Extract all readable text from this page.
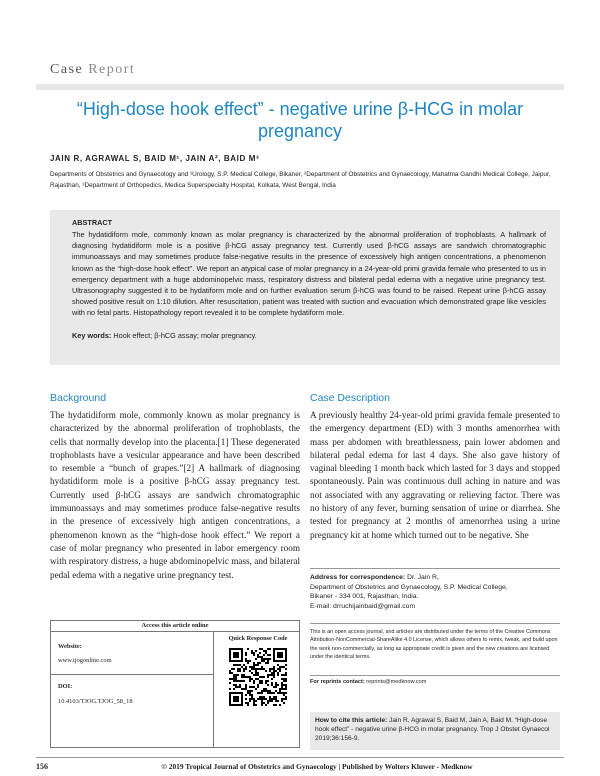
Case Report
“High-dose hook effect” - negative urine β-HCG in molar pregnancy
JAIN R, AGRAWAL S, BAID M¹, JAIN A², BAID M³
Departments of Obstetrics and Gynaecology and ¹Urology, S.P. Medical College, Bikaner, ²Department of Obstetrics and Gynaecology, Mahatma Gandhi Medical College, Jaipur, Rajasthan, ³Department of Orthopedics, Medica Superspecialty Hospital, Kolkata, West Bengal, India
ABSTRACT
The hydatidiform mole, commonly known as molar pregnancy is characterized by the abnormal proliferation of trophoblasts. A hallmark of diagnosing hydatidiform mole is a positive β-hCG assay pregnancy test. Currently used β-hCG assays are sandwich chromatographic immunoassays and may sometimes produce false-negative results in the presence of excessively high antigen concentrations, a phenomenon known as the “high-dose hook effect”. We report an atypical case of molar pregnancy in a 24-year-old primi gravida female who presented to us in emergency department with a huge abdominopelvic mass, respiratory distress and bilateral pedal edema with a negative urine pregnancy test. Ultrasonography suggested it to be hydatiform mole and on further evaluation serum β-hCG was found to be raised. Repeat urine β-hCG assay showed positive result on 1:10 dilution. After resuscitation, patient was treated with suction and evacuation which demonstrated grape like vesicles with no fetal parts. Histopathology report revealed it to be complete hydatiform mole.
Key words: Hook effect; β-hCG assay; molar pregnancy.
Background
The hydatidiform mole, commonly known as molar pregnancy is characterized by the abnormal proliferation of trophoblasts, the cells that normally develop into the placenta.[1] These degenerated trophoblasts have a vesicular appearance and have been described to resemble a “bunch of grapes.”[2] A hallmark of diagnosing hydatidiform mole is a positive β-hCG assay pregnancy test. Currently used β-hCG assays are sandwich chromatographic immunoassays and may sometimes produce false-negative results in the presence of excessively high antigen concentrations, a phenomenon known as the “high-dose hook effect.” We report a case of molar pregnancy who presented in labor emergency room with respiratory distress, a huge abdominopelvic mass, and bilateral pedal edema with a negative urine pregnancy test.
Case Description
A previously healthy 24-year-old primi gravida female presented to the emergency department (ED) with 3 months amenorrhea with mass per abdomen with breathlessness, pain lower abdomen and bilateral pedal edema for last 4 days. She also gave history of vaginal bleeding 1 month back which lasted for 3 days and stopped spontaneously. Pain was continuous dull aching in nature and was not associated with any aggravating or relieving factor. There was no history of any fever, burning sensation of urine or diarrhea. She tested for pregnancy at 2 months of amenorrhea using a urine pregnancy kit at home which turned out to be negative. She
Address for correspondence: Dr. Jain R,
Department of Obstetrics and Gynaecology, S.P. Medical College,
Bikaner - 334 001, Rajasthan, India.
E-mail: drruchijainbaid@gmail.com
This is an open access journal, and articles are distributed under the terms of the Creative Commons Attribution-NonCommercial-ShareAlike 4.0 License, which allows others to remix, tweak, and build upon the work non-commercially, as long as appropriate credit is given and the new creations are licensed under the identical terms.
For reprints contact: reprints@medknow.com
How to cite this article: Jain R, Agrawal S, Baid M, Jain A, Baid M. “High-dose hook effect” - negative urine β-HCG in molar pregnancy. Trop J Obstet Gynaecol 2019;36:156-9.
Access this article online
Website:
www.tjogonline.com
DOI:
10.4103/TJOG.TJOG_58_18
Quick Response Code
156	© 2019 Tropical Journal of Obstetrics and Gynaecology | Published by Wolters Kluwer - Medknow
